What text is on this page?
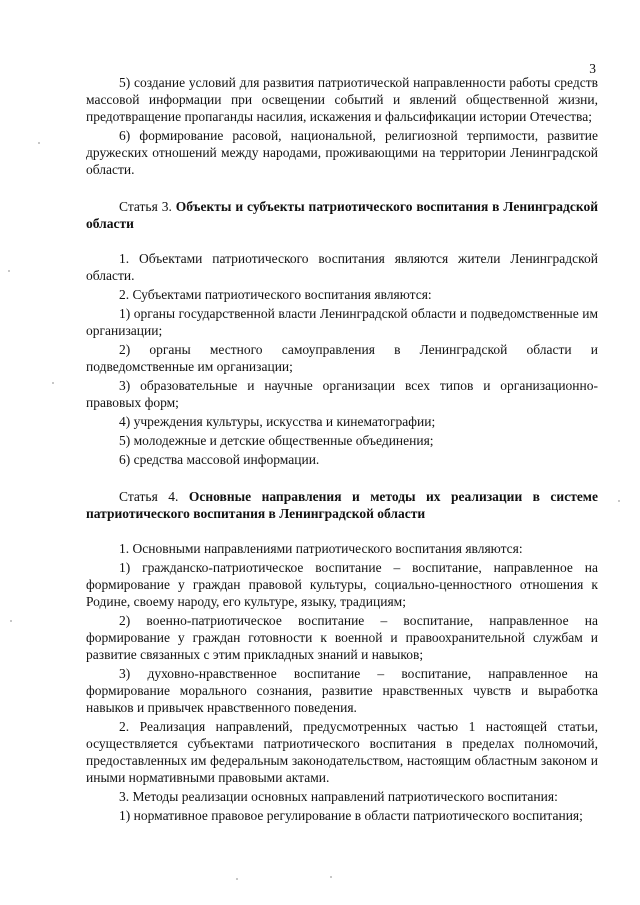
3

5) создание условий для развития патриотической направленности работы средств массовой информации при освещении событий и явлений общественной жизни, предотвращение пропаганды насилия, искажения и фальсификации истории Отечества;

6) формирование расовой, национальной, религиозной терпимости, развитие дружеских отношений между народами, проживающими на территории Ленинградской области.

Статья 3. Объекты и субъекты патриотического воспитания в Ленинградской области

1. Объектами патриотического воспитания являются жители Ленинградской области.

2. Субъектами патриотического воспитания являются:

1) органы государственной власти Ленинградской области и подведомственные им организации;

2) органы местного самоуправления в Ленинградской области и подведомственные им организации;

3) образовательные и научные организации всех типов и организационно-правовых форм;

4) учреждения культуры, искусства и кинематографии;

5) молодежные и детские общественные объединения;

6) средства массовой информации.

Статья 4. Основные направления и методы их реализации в системе патриотического воспитания в Ленинградской области

1. Основными направлениями патриотического воспитания являются:

1) гражданско-патриотическое воспитание – воспитание, направленное на формирование у граждан правовой культуры, социально-ценностного отношения к Родине, своему народу, его культуре, языку, традициям;

2) военно-патриотическое воспитание – воспитание, направленное на формирование у граждан готовности к военной и правоохранительной службам и развитие связанных с этим прикладных знаний и навыков;

3) духовно-нравственное воспитание – воспитание, направленное на формирование морального сознания, развитие нравственных чувств и выработка навыков и привычек нравственного поведения.

2. Реализация направлений, предусмотренных частью 1 настоящей статьи, осуществляется субъектами патриотического воспитания в пределах полномочий, предоставленных им федеральным законодательством, настоящим областным законом и иными нормативными правовыми актами.

3. Методы реализации основных направлений патриотического воспитания:

1) нормативное правовое регулирование в области патриотического воспитания;
